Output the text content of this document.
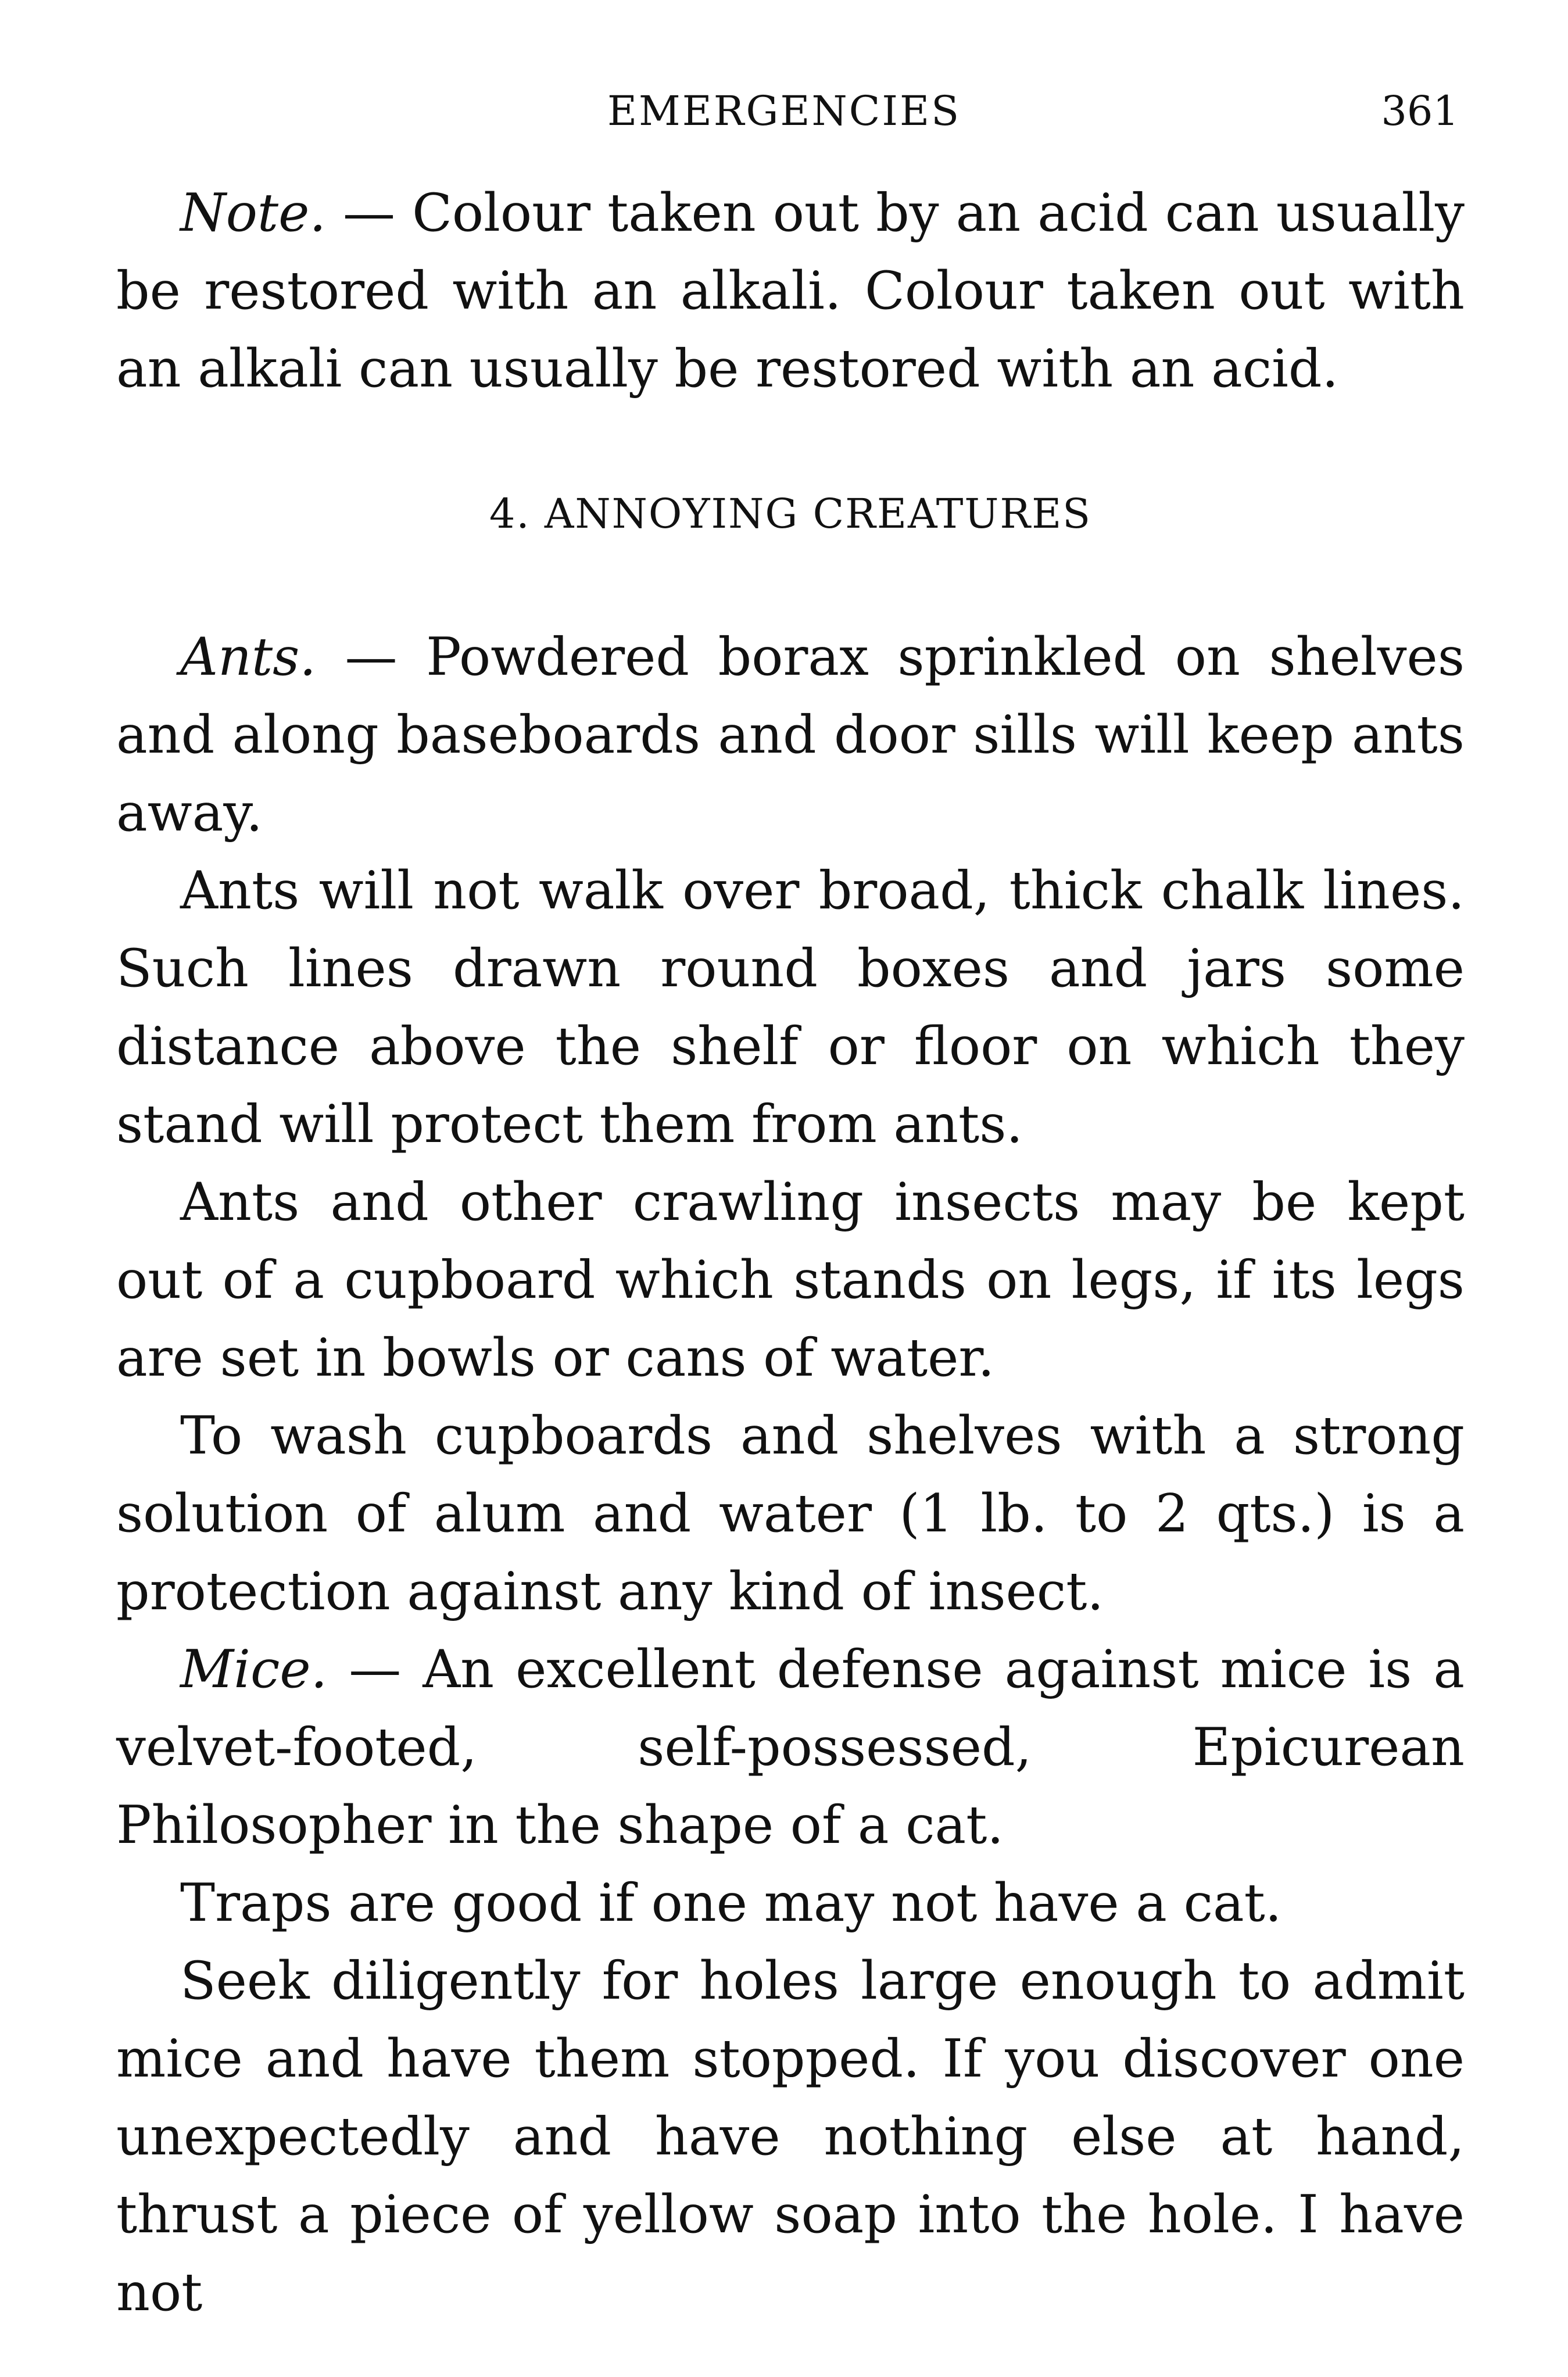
EMERGENCIES	361

Note. — Colour taken out by an acid can usually be restored with an alkali. Colour taken out with an alkali can usually be restored with an acid.

4. ANNOYING CREATURES

Ants. — Powdered borax sprinkled on shelves and along baseboards and door sills will keep ants away.

Ants will not walk over broad, thick chalk lines. Such lines drawn round boxes and jars some distance above the shelf or floor on which they stand will protect them from ants.

Ants and other crawling insects may be kept out of a cupboard which stands on legs, if its legs are set in bowls or cans of water.

To wash cupboards and shelves with a strong solution of alum and water (1 lb. to 2 qts.) is a protection against any kind of insect.

Mice. — An excellent defense against mice is a velvet-footed, self-possessed, Epicurean Philosopher in the shape of a cat.

Traps are good if one may not have a cat.

Seek diligently for holes large enough to admit mice and have them stopped. If you discover one unexpectedly and have nothing else at hand, thrust a piece of yellow soap into the hole. I have not
